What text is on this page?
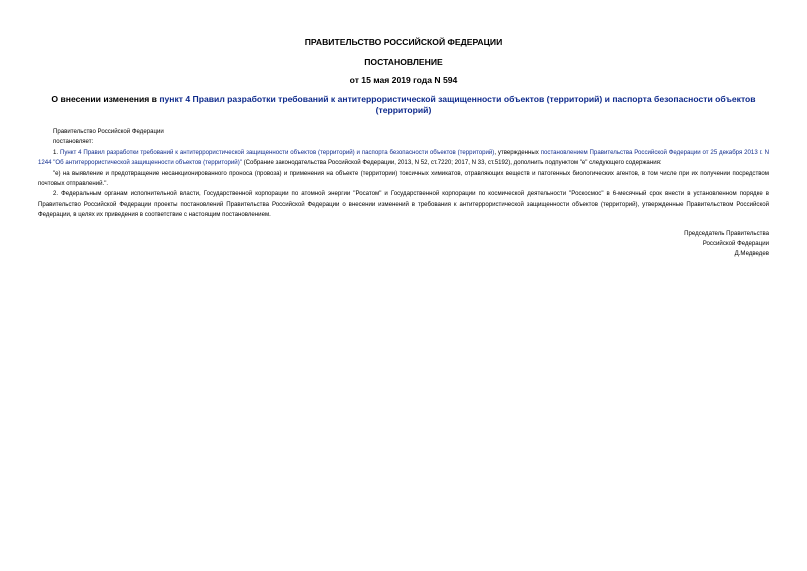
ПРАВИТЕЛЬСТВО РОССИЙСКОЙ ФЕДЕРАЦИИ
ПОСТАНОВЛЕНИЕ
от 15 мая 2019 года N 594
О внесении изменения в пункт 4 Правил разработки требований к антитеррористической защищенности объектов (территорий) и паспорта безопасности объектов (территорий)

Правительство Российской Федерации

постановляет:

1. Пункт 4 Правил разработки требований к антитеррористической защищенности объектов (территорий) и паспорта безопасности объектов (территорий), утвержденных постановлением Правительства Российской Федерации от 25 декабря 2013 г. N 1244 "Об антитеррористической защищенности объектов (территорий)" (Собрание законодательства Российской Федерации, 2013, N 52, ст.7220; 2017, N 33, ст.5192), дополнить подпунктом "е" следующего содержания:

"е) на выявление и предотвращение несанкционированного проноса (провоза) и применения на объекте (территории) токсичных химикатов, отравляющих веществ и патогенных биологических агентов, в том числе при их получении посредством почтовых отправлений.".

2. Федеральным органам исполнительной власти, Государственной корпорации по атомной энергии "Росатом" и Государственной корпорации по космической деятельности "Роскосмос" в 6-месячный срок внести в установленном порядке в Правительство Российской Федерации проекты постановлений Правительства Российской Федерации о внесении изменений в требования к антитеррористической защищенности объектов (территорий), утвержденные Правительством Российской Федерации, в целях их приведения в соответствие с настоящим постановлением.

Председатель Правительства
Российской Федерации
Д.Медведев
